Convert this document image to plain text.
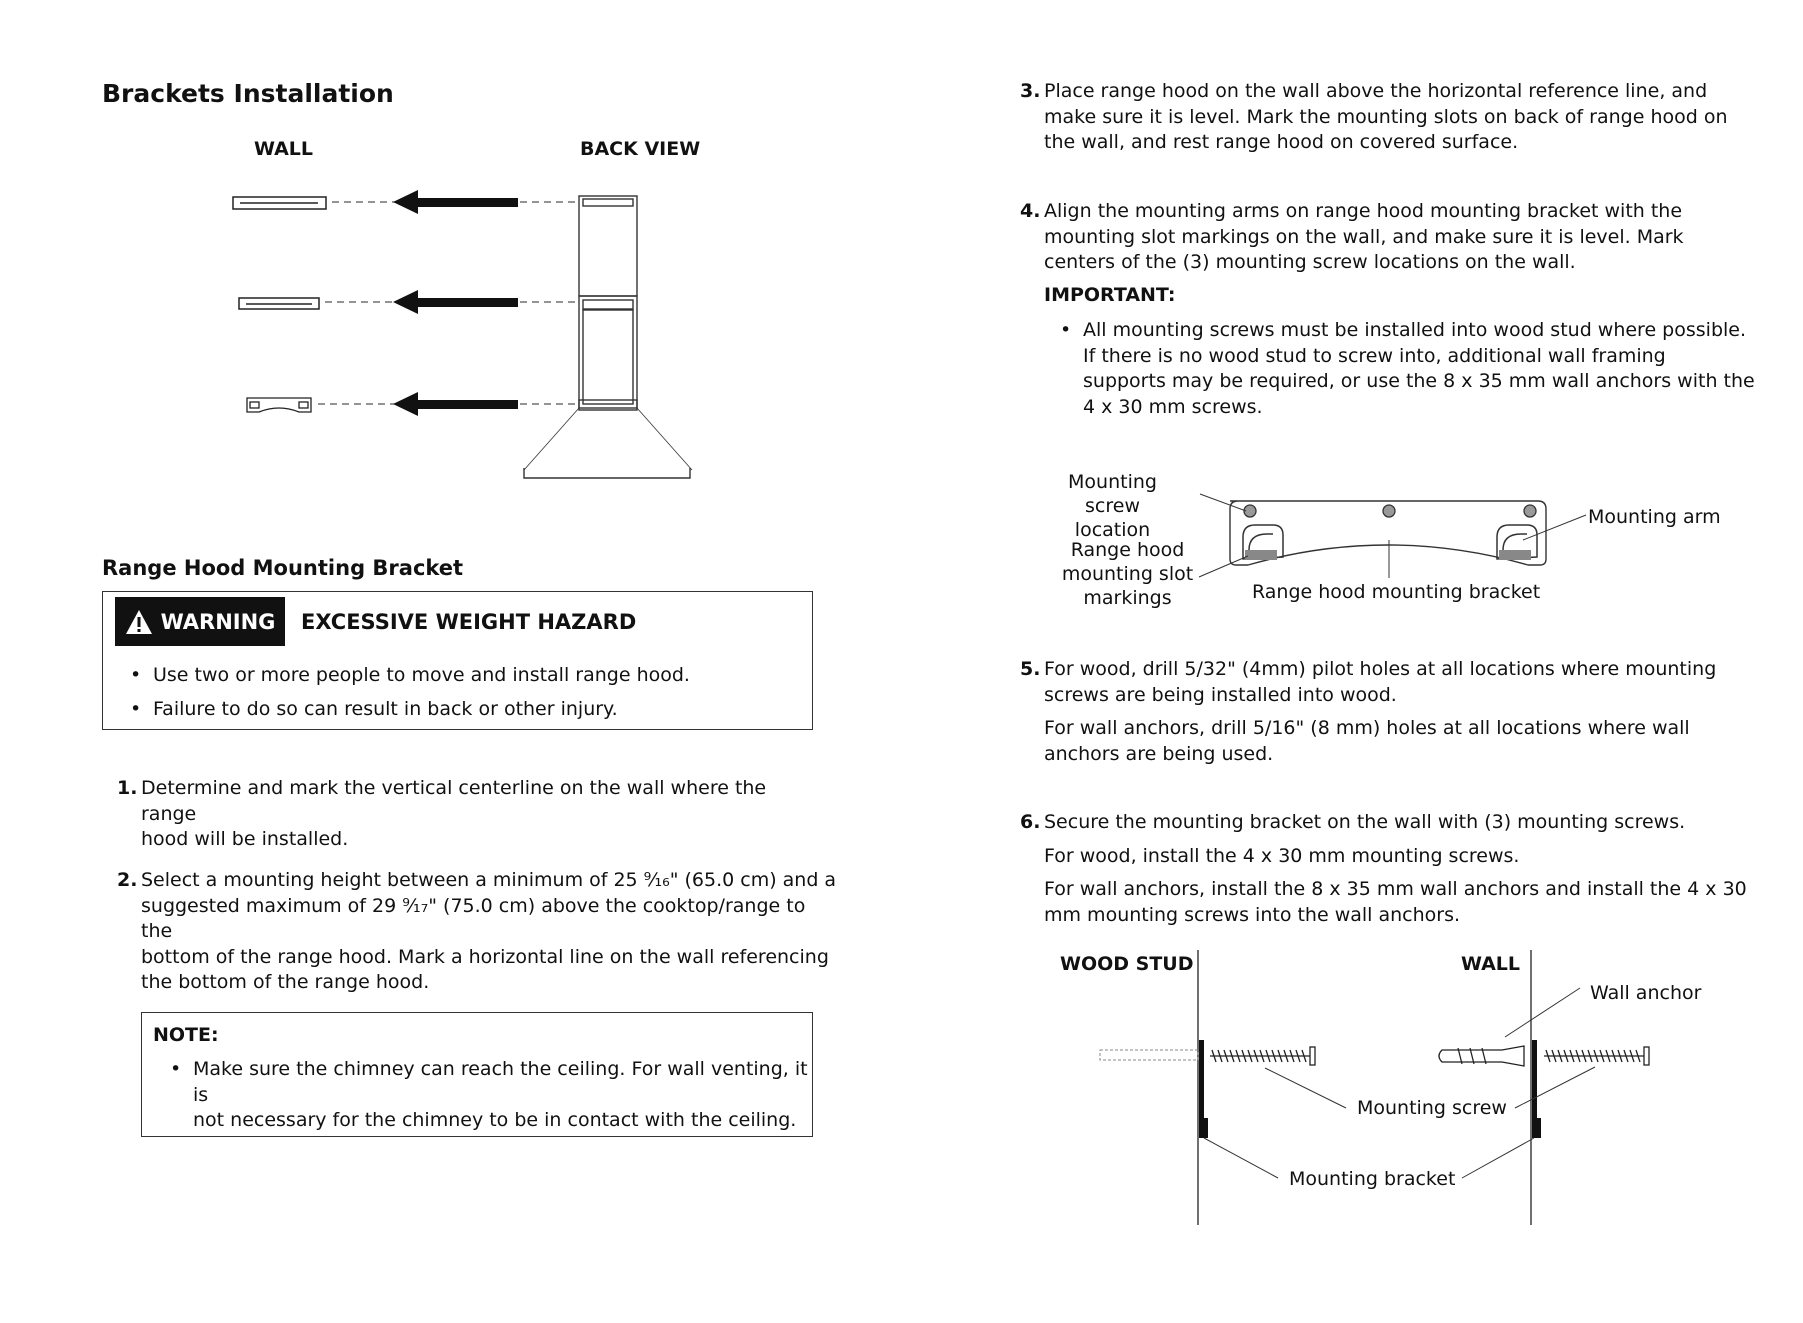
Brackets Installation
WALL	BACK VIEW
Range Hood Mounting Bracket
WARNING EXCESSIVE WEIGHT HAZARD
• Use two or more people to move and install range hood.
• Failure to do so can result in back or other injury.
1. Determine and mark the vertical centerline on the wall where the range
hood will be installed.
2. Select a mounting height between a minimum of 25 ⁹⁄₁₆" (65.0 cm) and a
suggested maximum of 29 ⁹⁄₁₇" (75.0 cm) above the cooktop/range to the
bottom of the range hood. Mark a horizontal line on the wall referencing
the bottom of the range hood.
NOTE:
• Make sure the chimney can reach the ceiling. For wall venting, it is
not necessary for the chimney to be in contact with the ceiling.
3. Place range hood on the wall above the horizontal reference line, and
make sure it is level. Mark the mounting slots on back of range hood on
the wall, and rest range hood on covered surface.
4. Align the mounting arms on range hood mounting bracket with the
mounting slot markings on the wall, and make sure it is level. Mark
centers of the (3) mounting screw locations on the wall.
IMPORTANT:
• All mounting screws must be installed into wood stud where possible.
If there is no wood stud to screw into, additional wall framing
supports may be required, or use the 8 x 35 mm wall anchors with the
4 x 30 mm screws.
Mounting screw
location
Range hood
mounting slot
markings	Range hood mounting bracket
Mounting arm
5. For wood, drill 5/32" (4mm) pilot holes at all locations where mounting
screws are being installed into wood.
For wall anchors, drill 5/16" (8 mm) holes at all locations where wall
anchors are being used.
6. Secure the mounting bracket on the wall with (3) mounting screws.
For wood, install the 4 x 30 mm mounting screws.
For wall anchors, install the 8 x 35 mm wall anchors and install the 4 x 30
mm mounting screws into the wall anchors.
WOOD STUD	WALL
Wall anchor
Mounting screw
Mounting bracket
